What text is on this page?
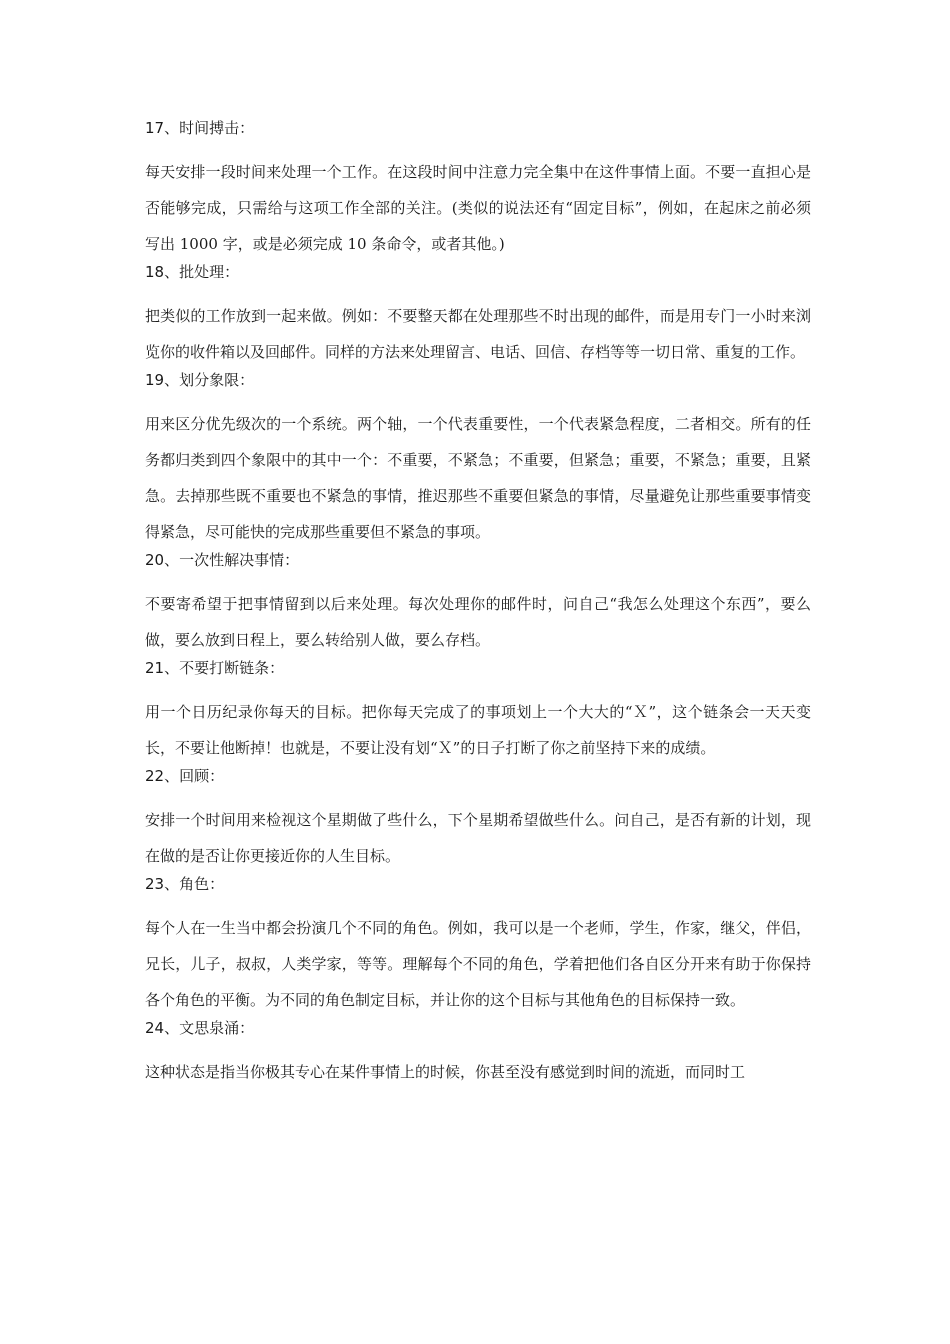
17、时间搏击：
每天安排一段时间来处理一个工作。在这段时间中注意力完全集中在这件事情上面。不要一直担心是否能够完成，只需给与这项工作全部的关注。(类似的说法还有“固定目标”，例如，在起床之前必须写出 1000 字，或是必须完成 10 条命令，或者其他。)
18、批处理：
把类似的工作放到一起来做。例如：不要整天都在处理那些不时出现的邮件，而是用专门一小时来浏览你的收件箱以及回邮件。同样的方法来处理留言、电话、回信、存档等等一切日常、重复的工作。
19、划分象限：
用来区分优先级次的一个系统。两个轴，一个代表重要性，一个代表紧急程度，二者相交。所有的任务都归类到四个象限中的其中一个：不重要，不紧急；不重要，但紧急；重要，不紧急；重要，且紧急。去掉那些既不重要也不紧急的事情，推迟那些不重要但紧急的事情，尽量避免让那些重要事情变得紧急，尽可能快的完成那些重要但不紧急的事项。
20、一次性解决事情：
不要寄希望于把事情留到以后来处理。每次处理你的邮件时，问自己“我怎么处理这个东西”，要么做，要么放到日程上，要么转给别人做，要么存档。
21、不要打断链条：
用一个日历纪录你每天的目标。把你每天完成了的事项划上一个大大的“Ｘ”，这个链条会一天天变长，不要让他断掉！也就是，不要让没有划“Ｘ”的日子打断了你之前坚持下来的成绩。
22、回顾：
安排一个时间用来检视这个星期做了些什么，下个星期希望做些什么。问自己，是否有新的计划，现在做的是否让你更接近你的人生目标。
23、角色：
每个人在一生当中都会扮演几个不同的角色。例如，我可以是一个老师，学生，作家，继父，伴侣，兄长，儿子，叔叔，人类学家，等等。理解每个不同的角色，学着把他们各自区分开来有助于你保持各个角色的平衡。为不同的角色制定目标，并让你的这个目标与其他角色的目标保持一致。
24、文思泉涌：
这种状态是指当你极其专心在某件事情上的时候，你甚至没有感觉到时间的流逝，而同时工
